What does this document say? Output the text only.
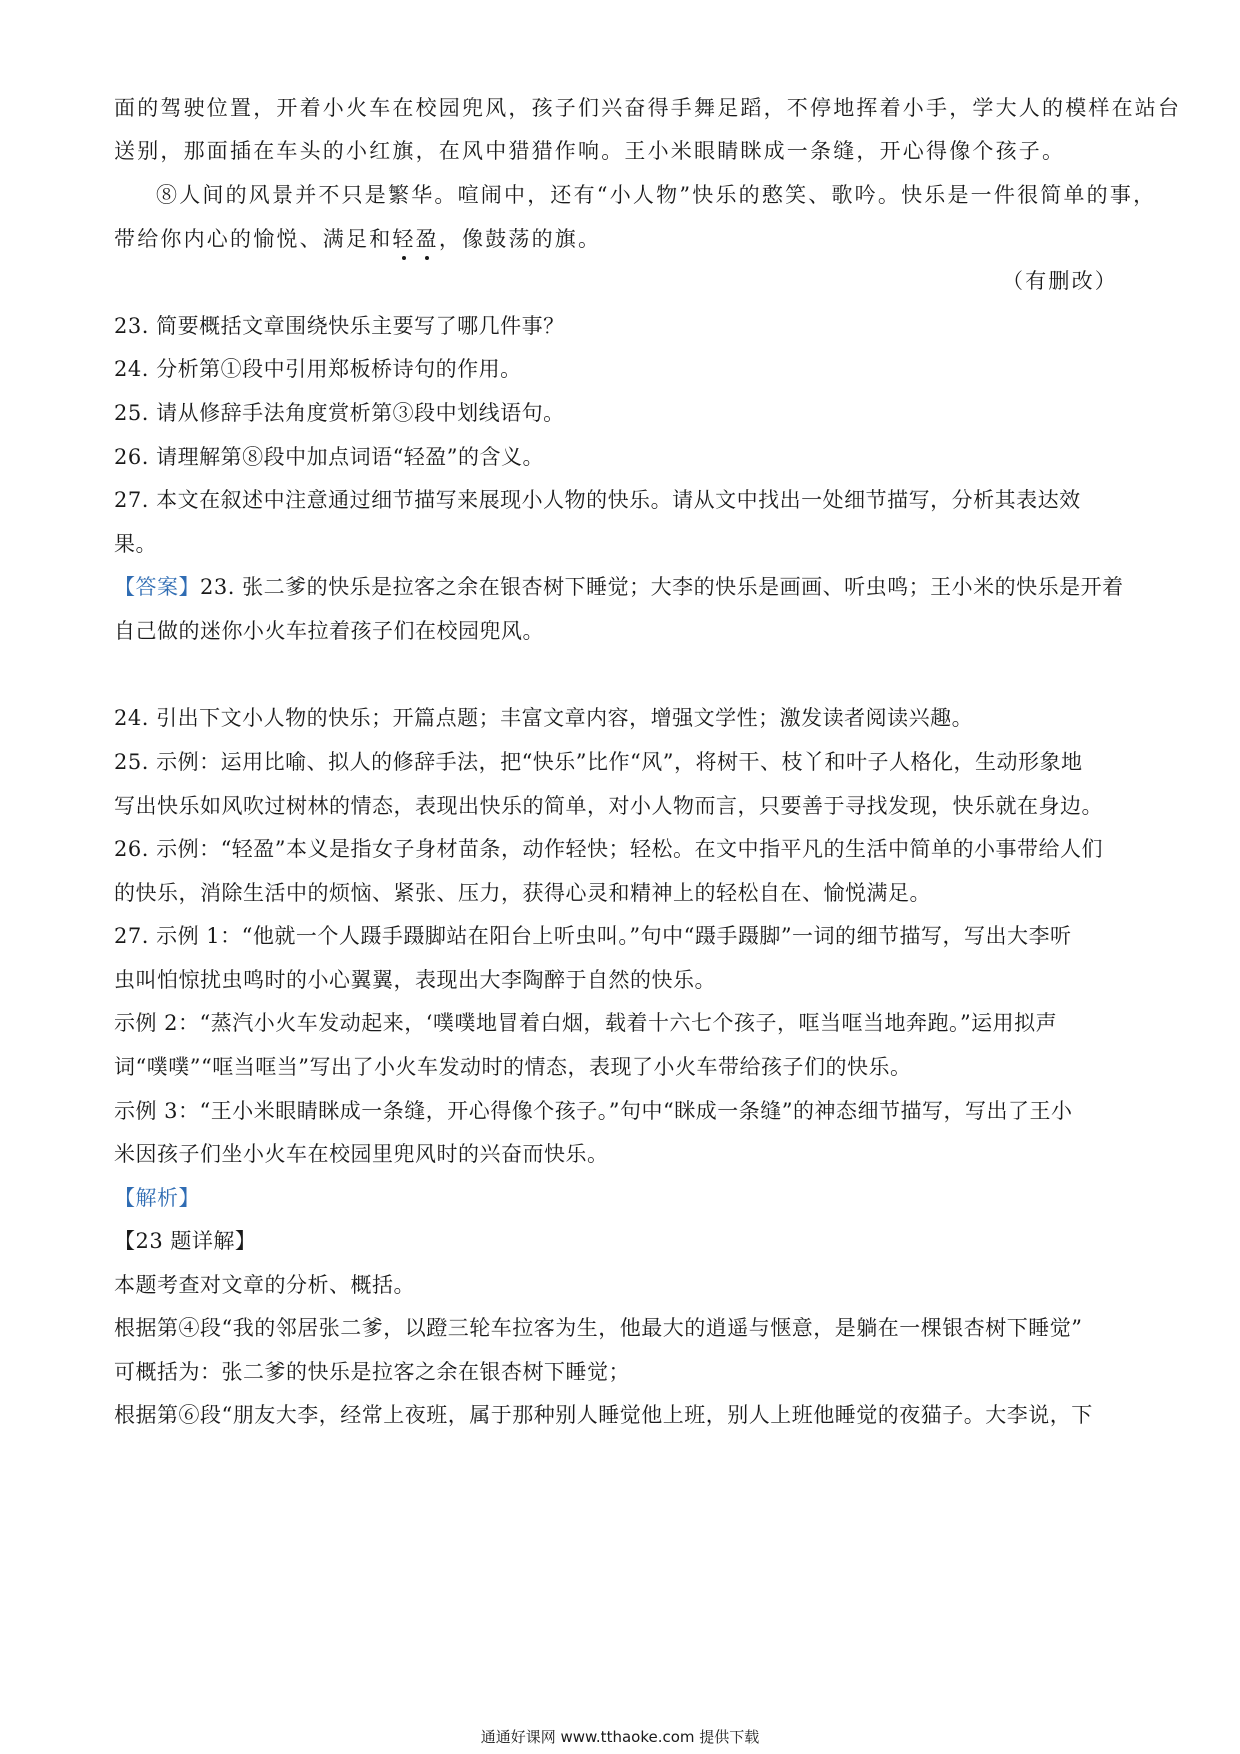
面的驾驶位置，开着小火车在校园兜风，孩子们兴奋得手舞足蹈，不停地挥着小手，学大人的模样在站台
送别，那面插在车头的小红旗，在风中猎猎作响。王小米眼睛眯成一条缝，开心得像个孩子。
⑧人间的风景并不只是繁华。喧闹中，还有“小人物”快乐的憨笑、歌吟。快乐是一件很简单的事，
带给你内心的愉悦、满足和轻盈，像鼓荡的旗。
（有删改）
23. 简要概括文章围绕快乐主要写了哪几件事？
24. 分析第①段中引用郑板桥诗句的作用。
25. 请从修辞手法角度赏析第③段中划线语句。
26. 请理解第⑧段中加点词语“轻盈”的含义。
27. 本文在叙述中注意通过细节描写来展现小人物的快乐。请从文中找出一处细节描写，分析其表达效
果。
【答案】23. 张二爹的快乐是拉客之余在银杏树下睡觉；大李的快乐是画画、听虫鸣；王小米的快乐是开着
自己做的迷你小火车拉着孩子们在校园兜风。
24. 引出下文小人物的快乐；开篇点题；丰富文章内容，增强文学性；激发读者阅读兴趣。
25. 示例：运用比喻、拟人的修辞手法，把“快乐”比作“风”，将树干、枝丫和叶子人格化，生动形象地
写出快乐如风吹过树林的情态，表现出快乐的简单，对小人物而言，只要善于寻找发现，快乐就在身边。
26. 示例：“轻盈”本义是指女子身材苗条，动作轻快；轻松。在文中指平凡的生活中简单的小事带给人们
的快乐，消除生活中的烦恼、紧张、压力，获得心灵和精神上的轻松自在、愉悦满足。
27. 示例 1：“他就一个人蹑手蹑脚站在阳台上听虫叫。”句中“蹑手蹑脚”一词的细节描写，写出大李听
虫叫怕惊扰虫鸣时的小心翼翼，表现出大李陶醉于自然的快乐。
示例 2：“蒸汽小火车发动起来，‘噗噗地冒着白烟，载着十六七个孩子，哐当哐当地奔跑。”运用拟声
词“噗噗”“哐当哐当”写出了小火车发动时的情态，表现了小火车带给孩子们的快乐。
示例 3：“王小米眼睛眯成一条缝，开心得像个孩子。”句中“眯成一条缝”的神态细节描写，写出了王小
米因孩子们坐小火车在校园里兜风时的兴奋而快乐。
【解析】
【23 题详解】
本题考查对文章的分析、概括。
根据第④段“我的邻居张二爹，以蹬三轮车拉客为生，他最大的逍遥与惬意，是躺在一棵银杏树下睡觉”
可概括为：张二爹的快乐是拉客之余在银杏树下睡觉；
根据第⑥段“朋友大李，经常上夜班，属于那种别人睡觉他上班，别人上班他睡觉的夜猫子。大李说，下
通通好课网 www.tthaoke.com 提供下载
